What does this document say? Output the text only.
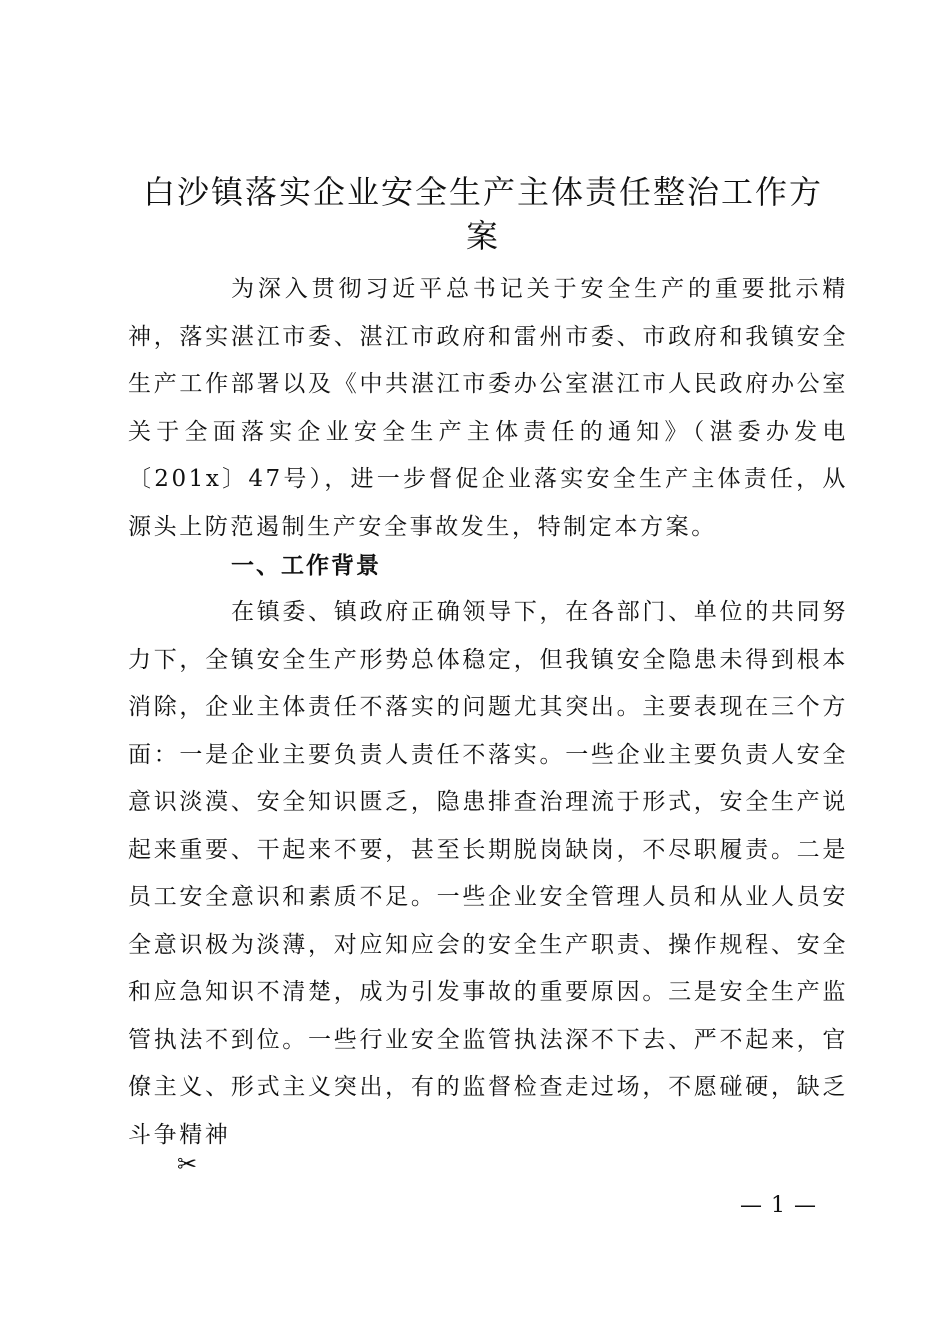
白沙镇落实企业安全生产主体责任整治工作方案

为深入贯彻习近平总书记关于安全生产的重要批示精神，落实湛江市委、湛江市政府和雷州市委、市政府和我镇安全生产工作部署以及《中共湛江市委办公室湛江市人民政府办公室关于全面落实企业安全生产主体责任的通知》（湛委办发电〔201x〕47号），进一步督促企业落实安全生产主体责任，从源头上防范遏制生产安全事故发生，特制定本方案。

一、工作背景

在镇委、镇政府正确领导下，在各部门、单位的共同努力下，全镇安全生产形势总体稳定，但我镇安全隐患未得到根本消除，企业主体责任不落实的问题尤其突出。主要表现在三个方面：一是企业主要负责人责任不落实。一些企业主要负责人安全意识淡漠、安全知识匮乏，隐患排查治理流于形式，安全生产说起来重要、干起来不要，甚至长期脱岗缺岗，不尽职履责。二是员工安全意识和素质不足。一些企业安全管理人员和从业人员安全意识极为淡薄，对应知应会的安全生产职责、操作规程、安全和应急知识不清楚，成为引发事故的重要原因。三是安全生产监管执法不到位。一些行业安全监管执法深不下去、严不起来，官僚主义、形式主义突出，有的监督检查走过场，不愿碰硬，缺乏斗争精神

✂
— 1 —
